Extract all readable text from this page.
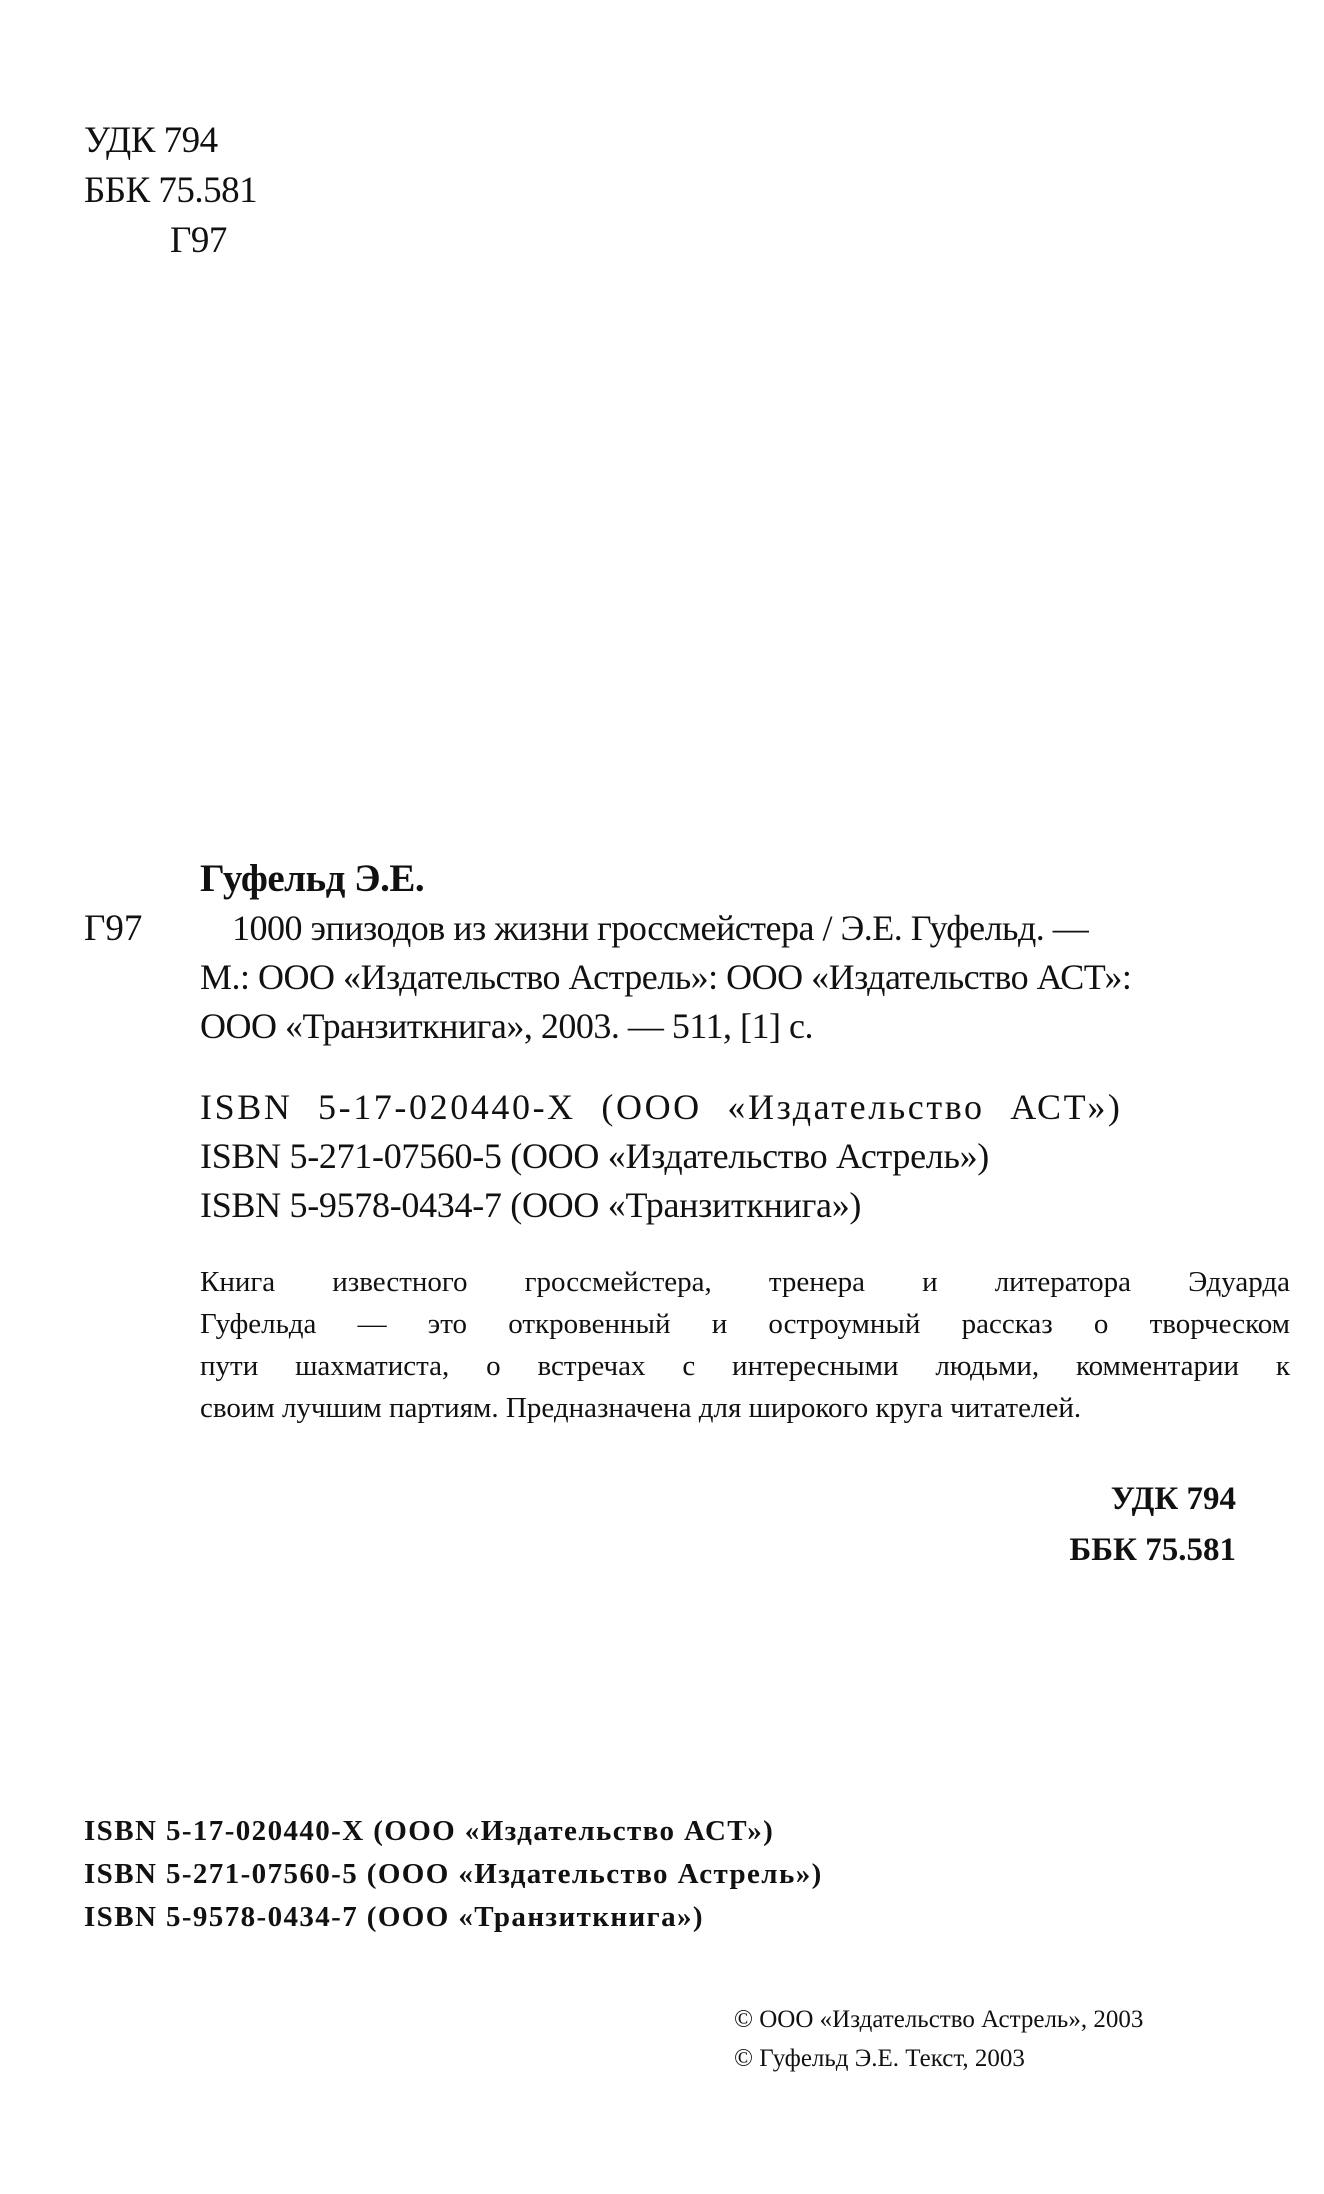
УДК 794
ББК 75.581
Г97
Гуфельд Э.Е.
Г97 1000 эпизодов из жизни гроссмейстера / Э.Е. Гуфельд. —
М.: ООО «Издательство Астрель»: ООО «Издательство АСТ»:
ООО «Транзиткнига», 2003. — 511, [1] с.
ISBN 5-17-020440-X (ООО «Издательство АСТ»)
ISBN 5-271-07560-5 (ООО «Издательство Астрель»)
ISBN 5-9578-0434-7 (ООО «Транзиткнига»)
Книга известного гроссмейстера, тренера и литератора Эдуарда
Гуфельда — это откровенный и остроумный рассказ о творческом
пути шахматиста, о встречах с интересными людьми, комментарии к
своим лучшим партиям. Предназначена для широкого круга читателей.
УДК 794
ББК 75.581
ISBN 5-17-020440-X (ООО «Издательство АСТ»)
ISBN 5-271-07560-5 (ООО «Издательство Астрель»)
ISBN 5-9578-0434-7 (ООО «Транзиткнига»)
© ООО «Издательство Астрель», 2003
© Гуфельд Э.Е. Текст, 2003
